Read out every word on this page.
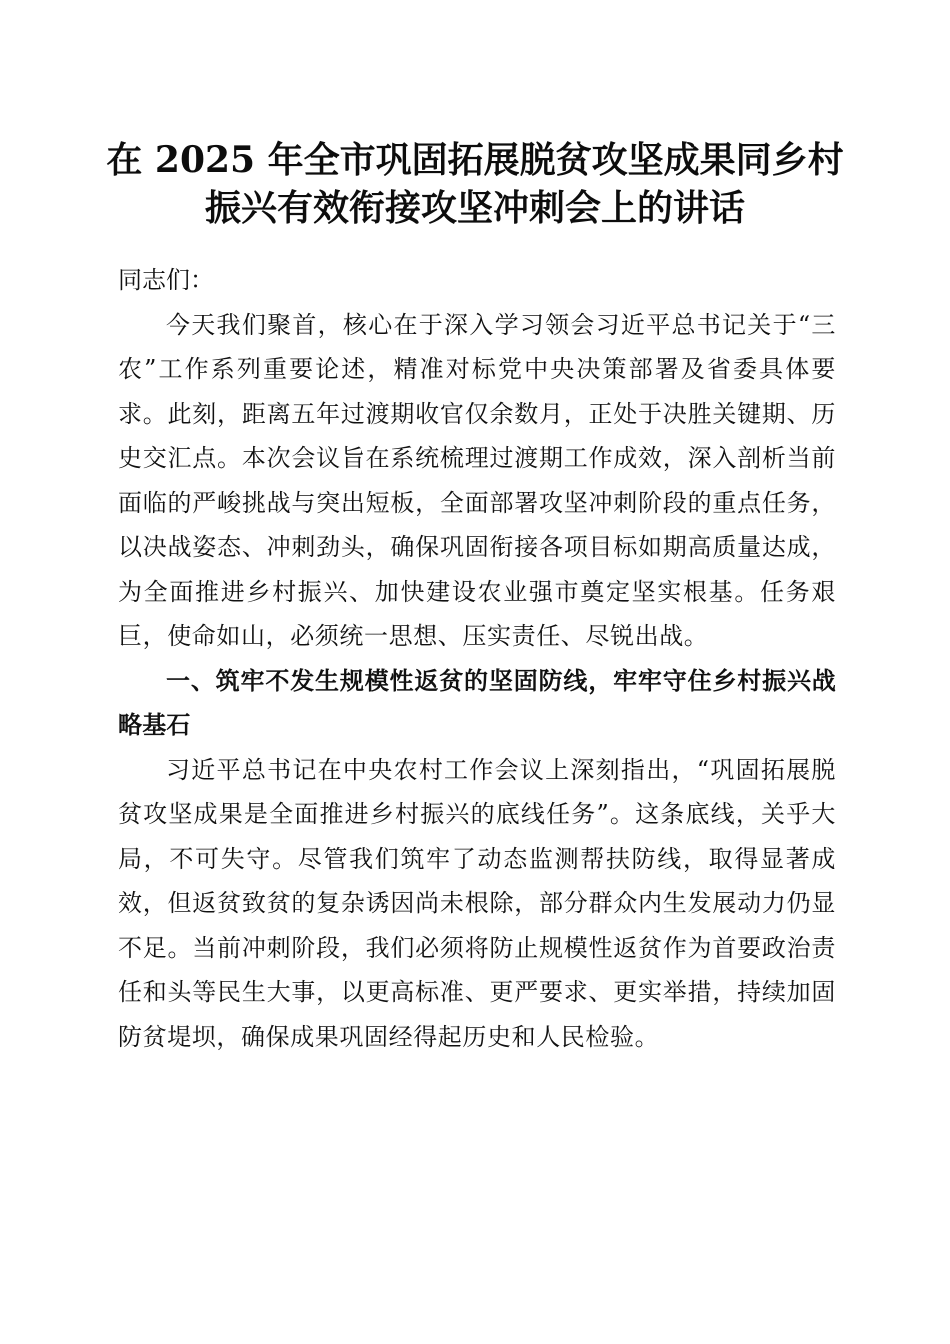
在 2025 年全市巩固拓展脱贫攻坚成果同乡村
振兴有效衔接攻坚冲刺会上的讲话

同志们：

今天我们聚首，核心在于深入学习领会习近平总书记关于“三农”工作系列重要论述，精准对标党中央决策部署及省委具体要求。此刻，距离五年过渡期收官仅余数月，正处于决胜关键期、历史交汇点。本次会议旨在系统梳理过渡期工作成效，深入剖析当前面临的严峻挑战与突出短板，全面部署攻坚冲刺阶段的重点任务，以决战姿态、冲刺劲头，确保巩固衔接各项目标如期高质量达成，为全面推进乡村振兴、加快建设农业强市奠定坚实根基。任务艰巨，使命如山，必须统一思想、压实责任、尽锐出战。

一、筑牢不发生规模性返贫的坚固防线，牢牢守住乡村振兴战略基石

习近平总书记在中央农村工作会议上深刻指出，“巩固拓展脱贫攻坚成果是全面推进乡村振兴的底线任务”。这条底线，关乎大局，不可失守。尽管我们筑牢了动态监测帮扶防线，取得显著成效，但返贫致贫的复杂诱因尚未根除，部分群众内生发展动力仍显不足。当前冲刺阶段，我们必须将防止规模性返贫作为首要政治责任和头等民生大事，以更高标准、更严要求、更实举措，持续加固防贫堤坝，确保成果巩固经得起历史和人民检验。
